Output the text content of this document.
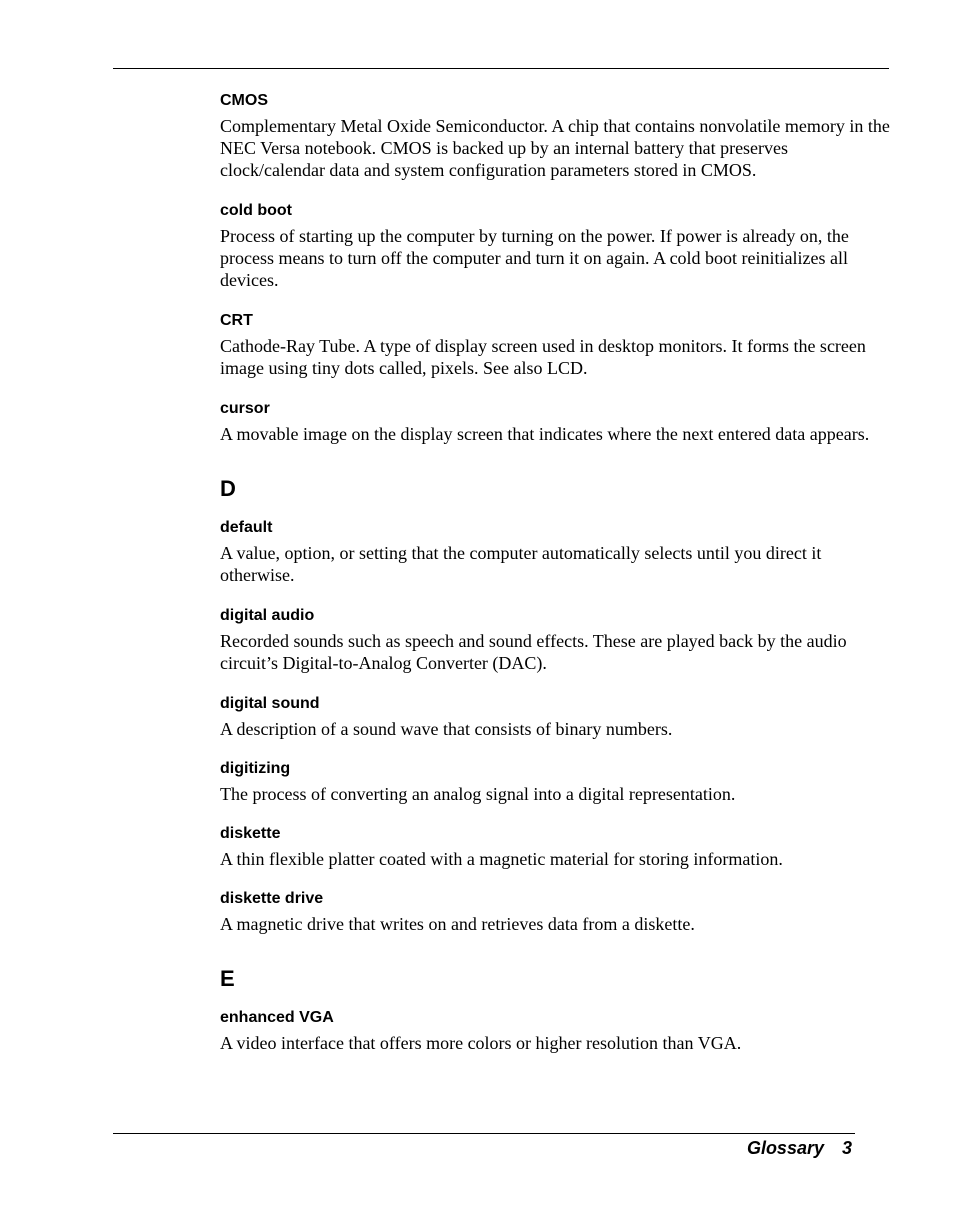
CMOS

Complementary Metal Oxide Semiconductor. A chip that contains nonvolatile memory in the NEC Versa notebook. CMOS is backed up by an internal battery that preserves clock/calendar data and system configuration parameters stored in CMOS.

cold boot

Process of starting up the computer by turning on the power. If power is already on, the process means to turn off the computer and turn it on again. A cold boot reinitializes all devices.

CRT

Cathode-Ray Tube. A type of display screen used in desktop monitors. It forms the screen image using tiny dots called, pixels. See also LCD.

cursor

A movable image on the display screen that indicates where the next entered data appears.

D

default

A value, option, or setting that the computer automatically selects until you direct it otherwise.

digital audio

Recorded sounds such as speech and sound effects. These are played back by the audio circuit’s Digital-to-Analog Converter (DAC).

digital sound

A description of a sound wave that consists of binary numbers.

digitizing

The process of converting an analog signal into a digital representation.

diskette

A thin flexible platter coated with a magnetic material for storing information.

diskette drive

A magnetic drive that writes on and retrieves data from a diskette.

E

enhanced VGA

A video interface that offers more colors or higher resolution than VGA.

Glossary 3
